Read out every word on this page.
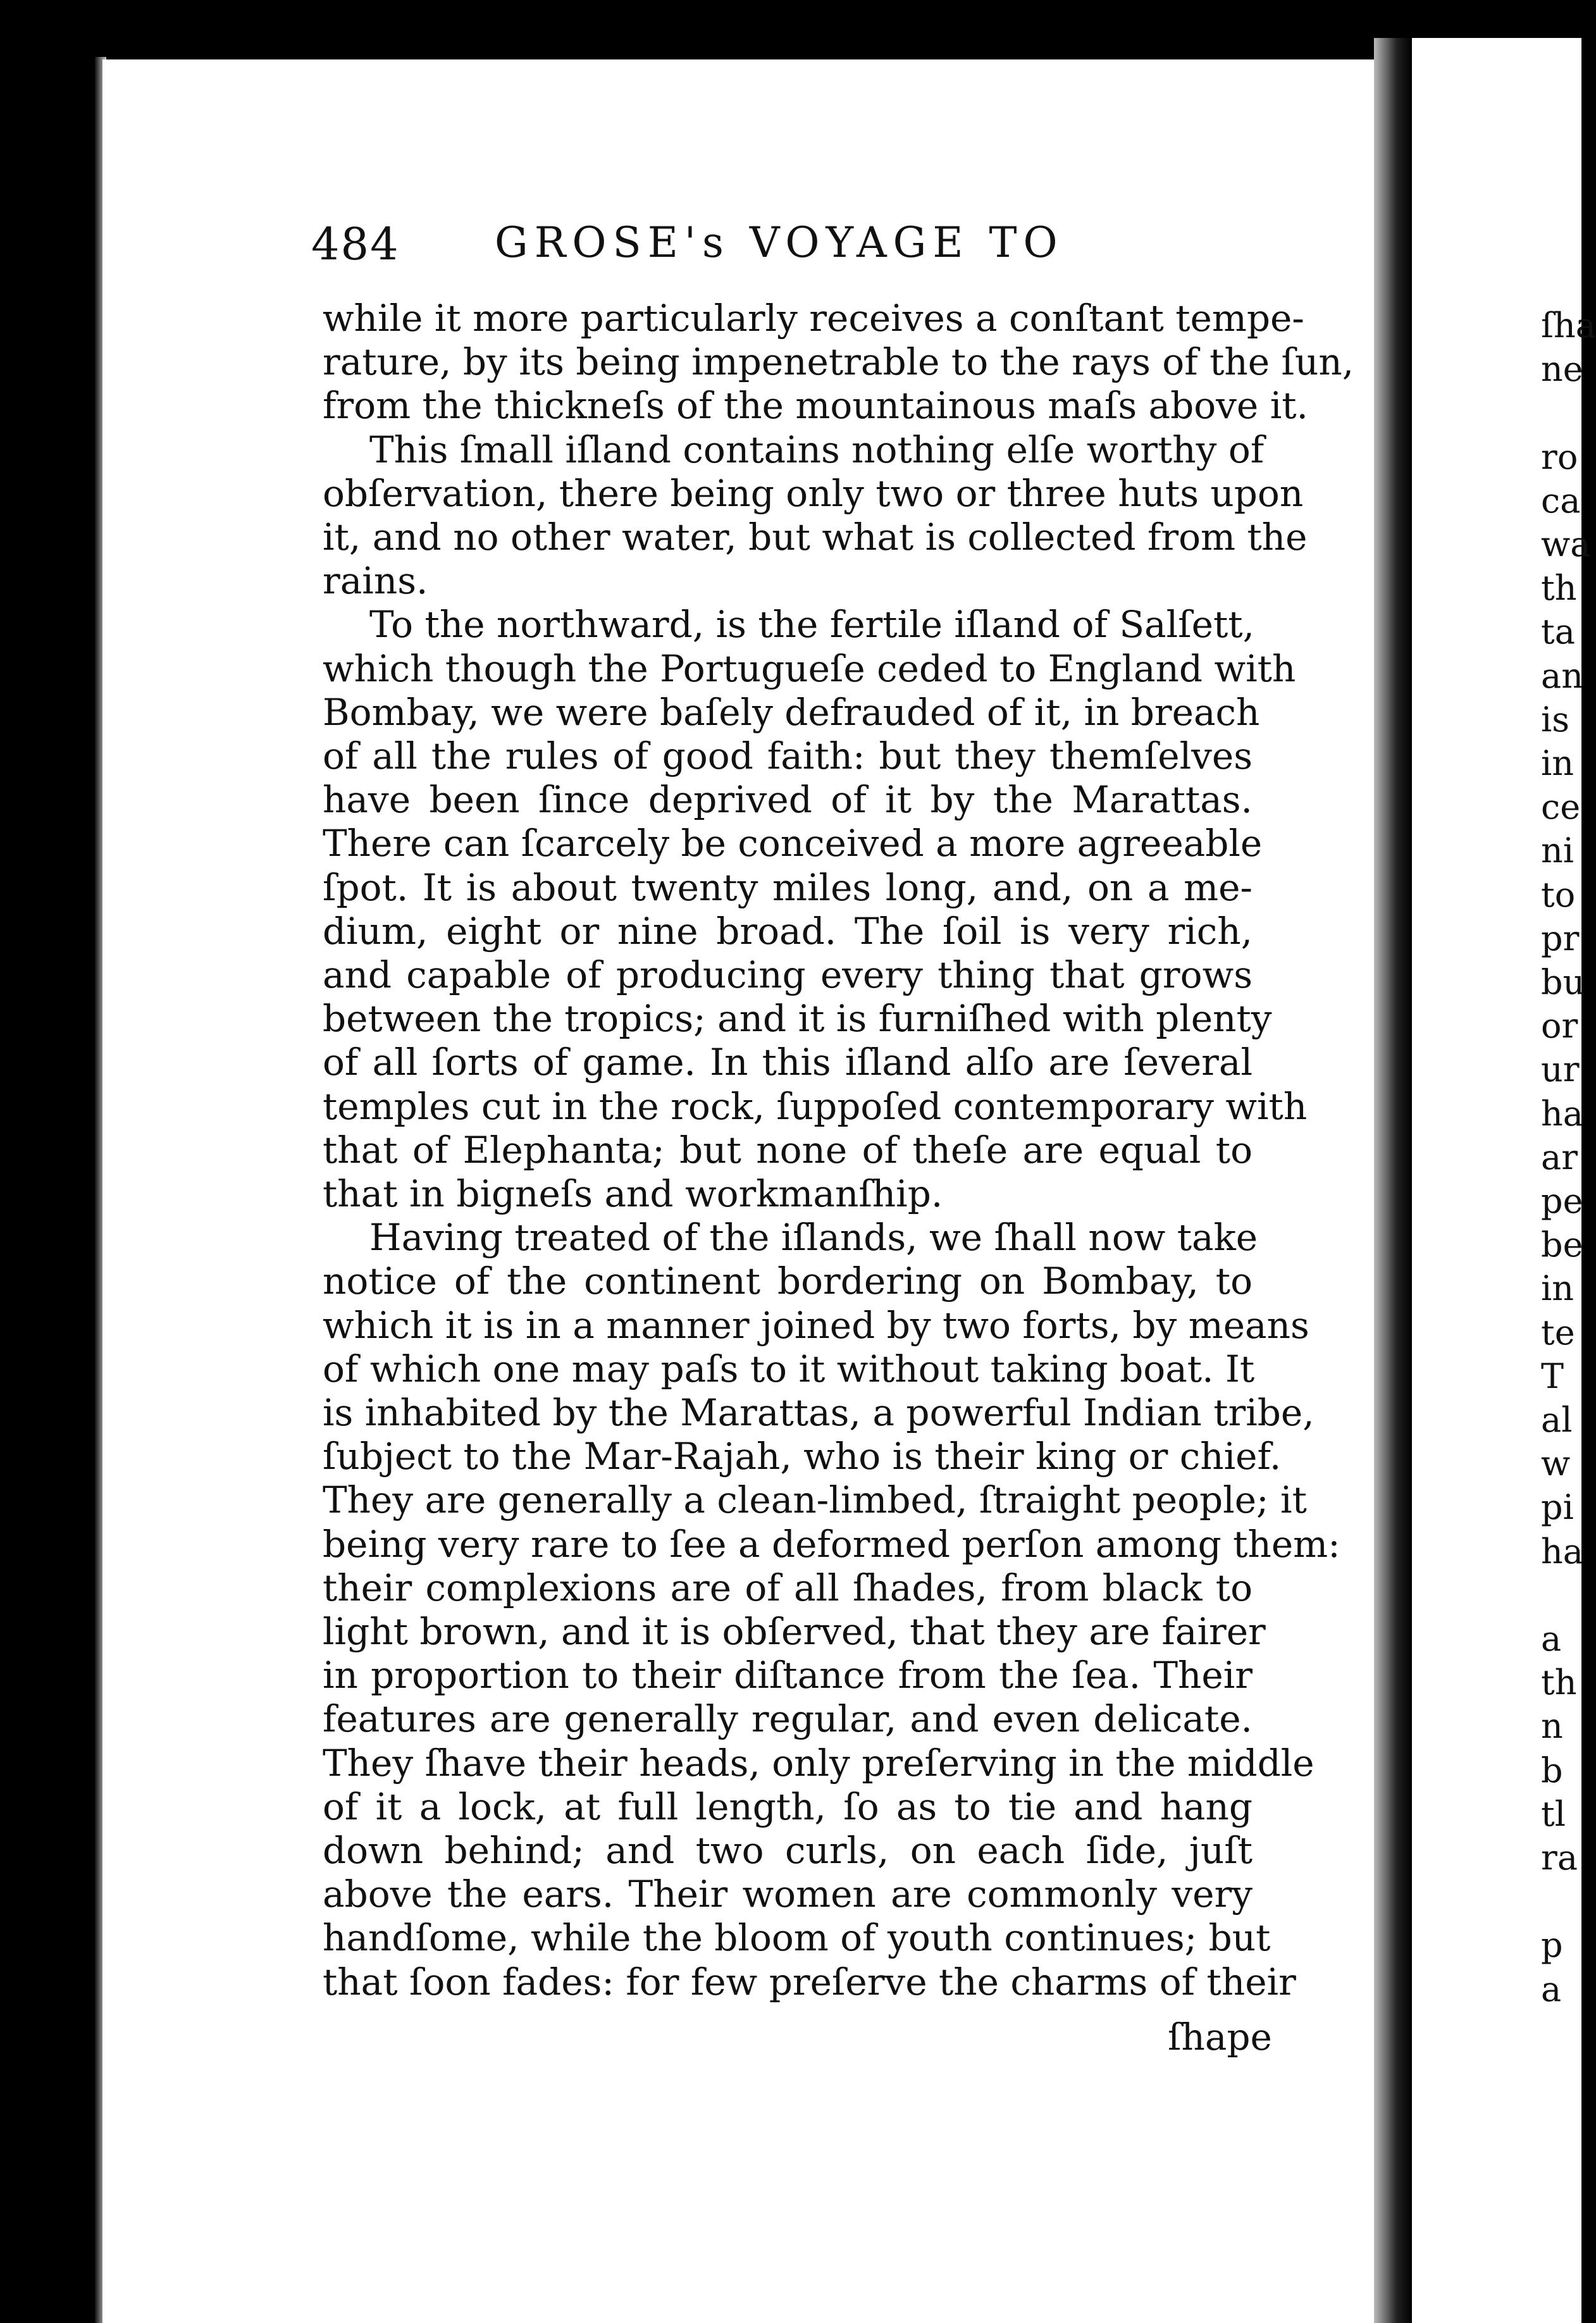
484 GROSE's VOYAGE TO
while it more particularly receives a conſtant tempe-
rature, by its being impenetrable to the rays of the ſun,
from the thickneſs of the mountainous maſs above it.
This ſmall iſland contains nothing elſe worthy of
obſervation, there being only two or three huts upon
it, and no other water, but what is collected from the
rains.
To the northward, is the fertile iſland of Salſett,
which though the Portugueſe ceded to England with
Bombay, we were baſely defrauded of it, in breach
of all the rules of good faith: but they themſelves
have been ſince deprived of it by the Marattas.
There can ſcarcely be conceived a more agreeable
ſpot. It is about twenty miles long, and, on a me-
dium, eight or nine broad. The ſoil is very rich,
and capable of producing every thing that grows
between the tropics; and it is furniſhed with plenty
of all ſorts of game. In this iſland alſo are ſeveral
temples cut in the rock, ſuppoſed contemporary with
that of Elephanta; but none of theſe are equal to
that in bigneſs and workmanſhip.
Having treated of the iſlands, we ſhall now take
notice of the continent bordering on Bombay, to
which it is in a manner joined by two forts, by means
of which one may paſs to it without taking boat. It
is inhabited by the Marattas, a powerful Indian tribe,
ſubject to the Mar-Rajah, who is their king or chief.
They are generally a clean-limbed, ſtraight people; it
being very rare to ſee a deformed perſon among them:
their complexions are of all ſhades, from black to
light brown, and it is obſerved, that they are fairer
in proportion to their diſtance from the ſea. Their
features are generally regular, and even delicate.
They ſhave their heads, only preſerving in the middle
of it a lock, at full length, ſo as to tie and hang
down behind; and two curls, on each ſide, juſt
above the ears. Their women are commonly very
handſome, while the bloom of youth continues; but
that ſoon fades: for few preſerve the charms of their
ſhape
ſha
ne
ro
ca
wa
th
ta
an
is
in
ce
ni
to
pr
bu
or
ur
ha
ar
pe
be
in
te
T
al
w
pi
ha
a
th
n
b
tl
ra
p
a
